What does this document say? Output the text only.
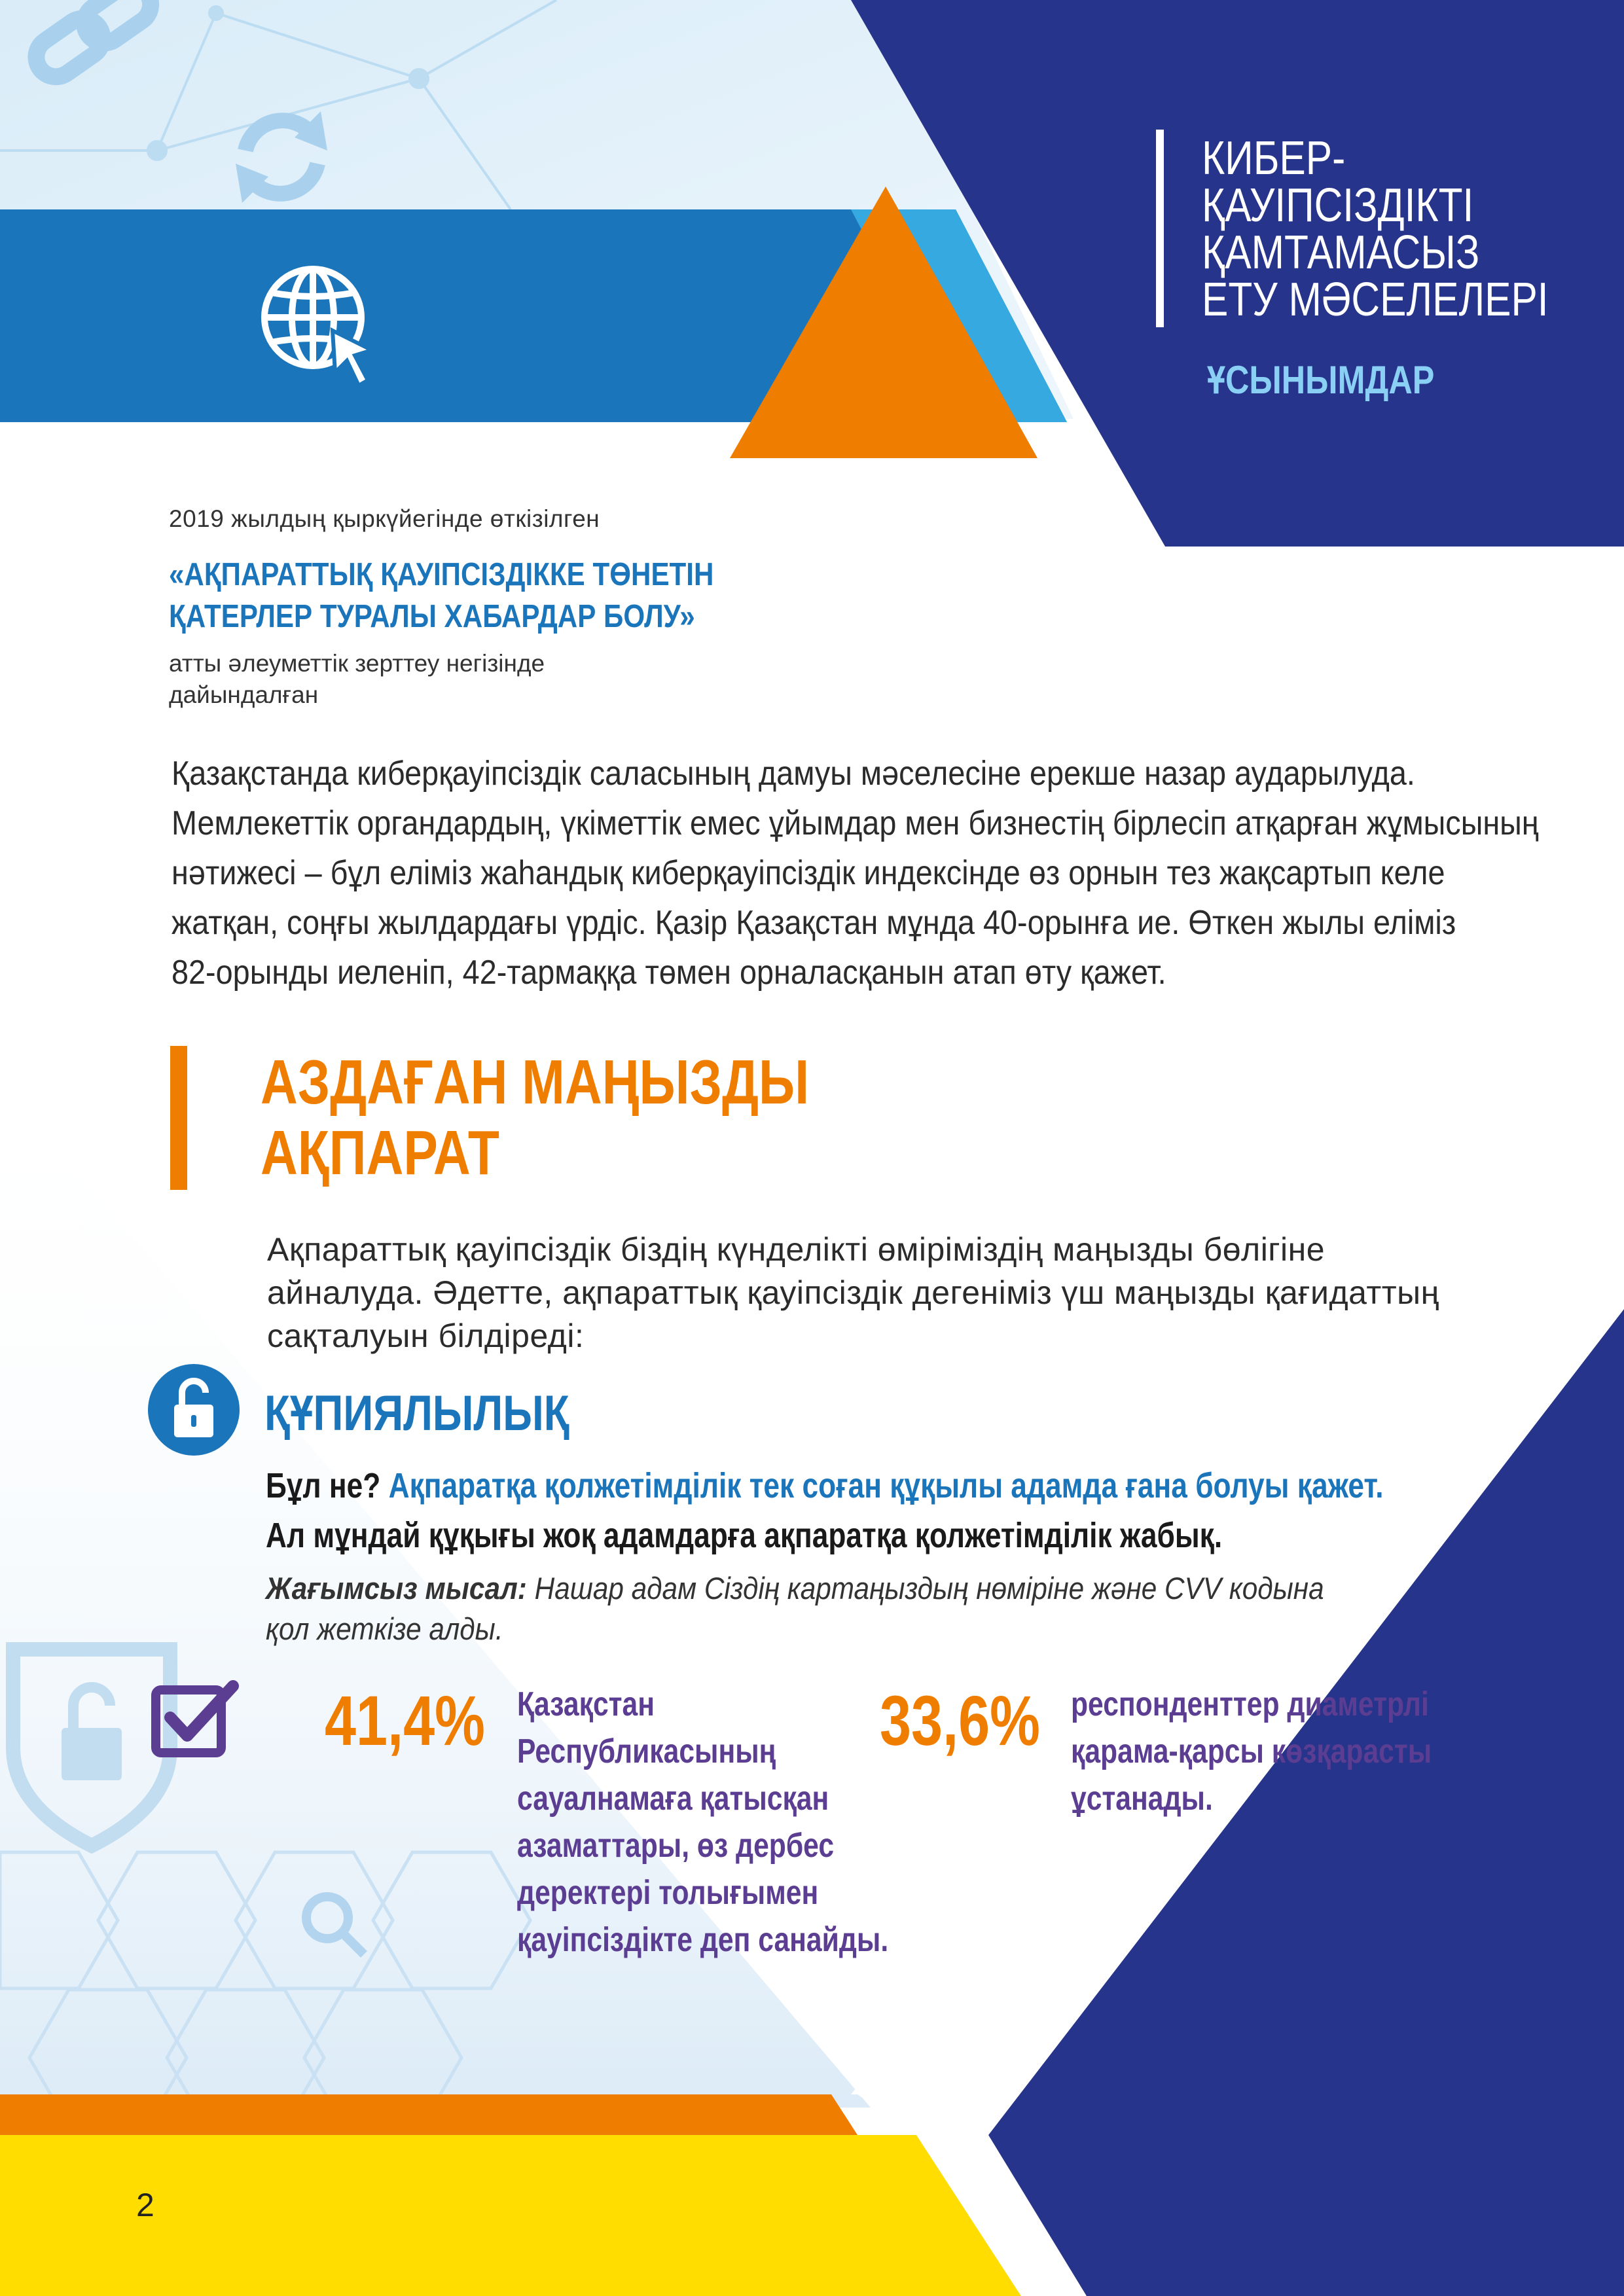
КИБЕР-
ҚАУІПСІЗДІКТІ
ҚАМТАМАСЫЗ
ЕТУ МӘСЕЛЕЛЕРІ
ҰСЫНЫМДАР
2019 жылдың қыркүйегінде өткізілген
«АҚПАРАТТЫҚ ҚАУІПСІЗДІККЕ ТӨНЕТІН
ҚАТЕРЛЕР ТУРАЛЫ ХАБАРДАР БОЛУ»
атты әлеуметтік зерттеу негізінде
дайындалған
Қазақстанда киберқауіпсіздік саласының дамуы мәселесіне ерекше назар аударылуда.
Мемлекеттік органдардың, үкіметтік емес ұйымдар мен бизнестің бірлесіп атқарған жұмысының
нәтижесі – бұл еліміз жаһандық киберқауіпсіздік индексінде өз орнын тез жақсартып келе
жатқан, соңғы жылдардағы үрдіс. Қазір Қазақстан мұнда 40-орынға ие. Өткен жылы еліміз
82-орынды иеленіп, 42-тармаққа төмен орналасқанын атап өту қажет.
АЗДАҒАН МАҢЫЗДЫ
АҚПАРАТ
Ақпараттық қауіпсіздік біздің күнделікті өміріміздің маңызды бөлігіне
айналуда. Әдетте, ақпараттық қауіпсіздік дегеніміз үш маңызды қағидаттың
сақталуын білдіреді:
ҚҰПИЯЛЫЛЫҚ
Бұл не? Ақпаратқа қолжетімділік тек соған құқылы адамда ғана болуы қажет.
Ал мұндай құқығы жоқ адамдарға ақпаратқа қолжетімділік жабық.
Жағымсыз мысал: Нашар адам Сіздің картаңыздың нөміріне және CVV кодына
қол жеткізе алды.
41,4% Қазақстан
Республикасының
сауалнамаға қатысқан
азаматтары, өз дербес
деректері толығымен
қауіпсіздікте деп санайды.
33,6% респонденттер диаметрлі
қарама-қарсы көзқарасты
ұстанады.
2
